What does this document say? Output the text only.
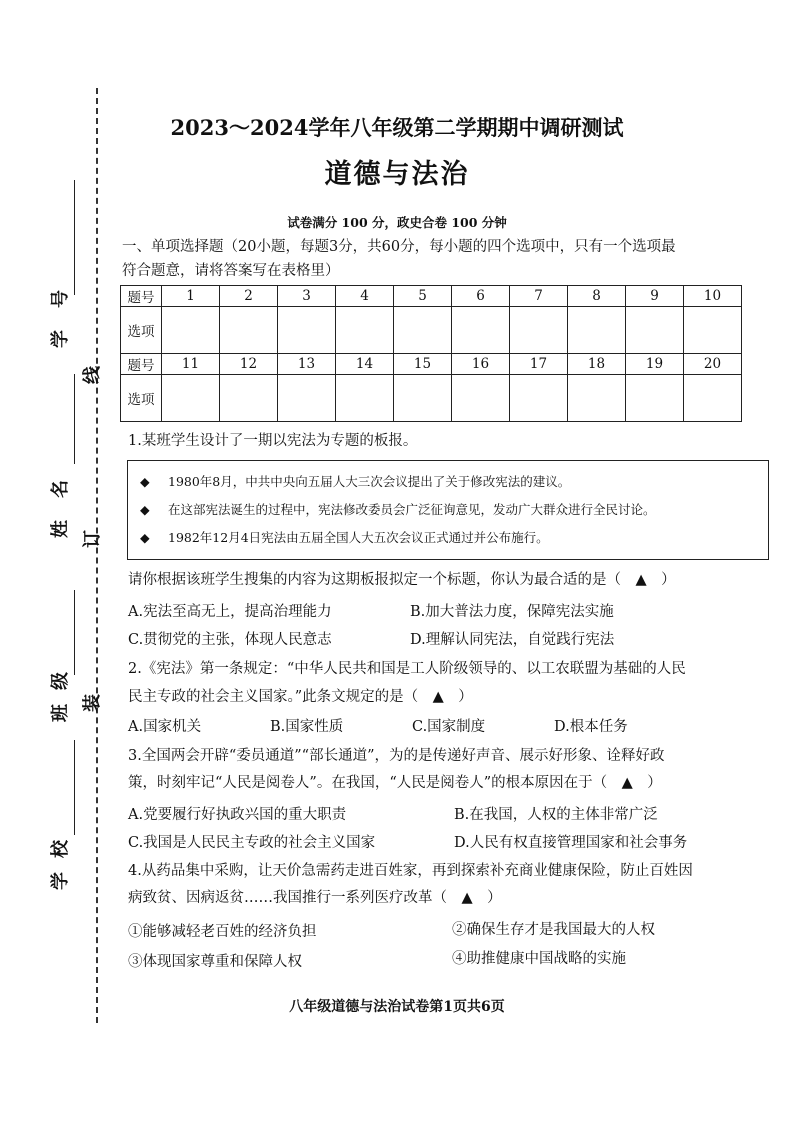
学号
姓名
班级
学校
线
订
装
2023～2024学年八年级第二学期期中调研测试
道德与法治
试卷满分 100 分，政史合卷 100 分钟
一、单项选择题（20小题，每题3分，共60分，每小题的四个选项中，只有一个选项最
符合题意，请将答案写在表格里）
题号	1	2	3	4	5	6	7	8	9	10
选项										
题号	11	12	13	14	15	16	17	18	19	20
选项										
1.某班学生设计了一期以宪法为专题的板报。
◆ 1980年8月，中共中央向五届人大三次会议提出了关于修改宪法的建议。
◆ 在这部宪法诞生的过程中，宪法修改委员会广泛征询意见，发动广大群众进行全民讨论。
◆ 1982年12月4日宪法由五届全国人大五次会议正式通过并公布施行。
请你根据该班学生搜集的内容为这期板报拟定一个标题，你认为最合适的是（　▲　）
A.宪法至高无上，提高治理能力	B.加大普法力度，保障宪法实施
C.贯彻党的主张，体现人民意志	D.理解认同宪法，自觉践行宪法
2.《宪法》第一条规定：“中华人民共和国是工人阶级领导的、以工农联盟为基础的人民
民主专政的社会主义国家。”此条文规定的是（　▲　）
A.国家机关	B.国家性质	C.国家制度	D.根本任务
3.全国两会开辟“委员通道”“部长通道”，为的是传递好声音、展示好形象、诠释好政
策，时刻牢记“人民是阅卷人”。在我国，“人民是阅卷人”的根本原因在于（　▲　）
A.党要履行好执政兴国的重大职责	B.在我国，人权的主体非常广泛
C.我国是人民民主专政的社会主义国家	D.人民有权直接管理国家和社会事务
4.从药品集中采购，让天价急需药走进百姓家，再到探索补充商业健康保险，防止百姓因
病致贫、因病返贫……我国推行一系列医疗改革（　▲　）
①能够减轻老百姓的经济负担	②确保生存才是我国最大的人权
③体现国家尊重和保障人权	④助推健康中国战略的实施
八年级道德与法治试卷第1页共6页
